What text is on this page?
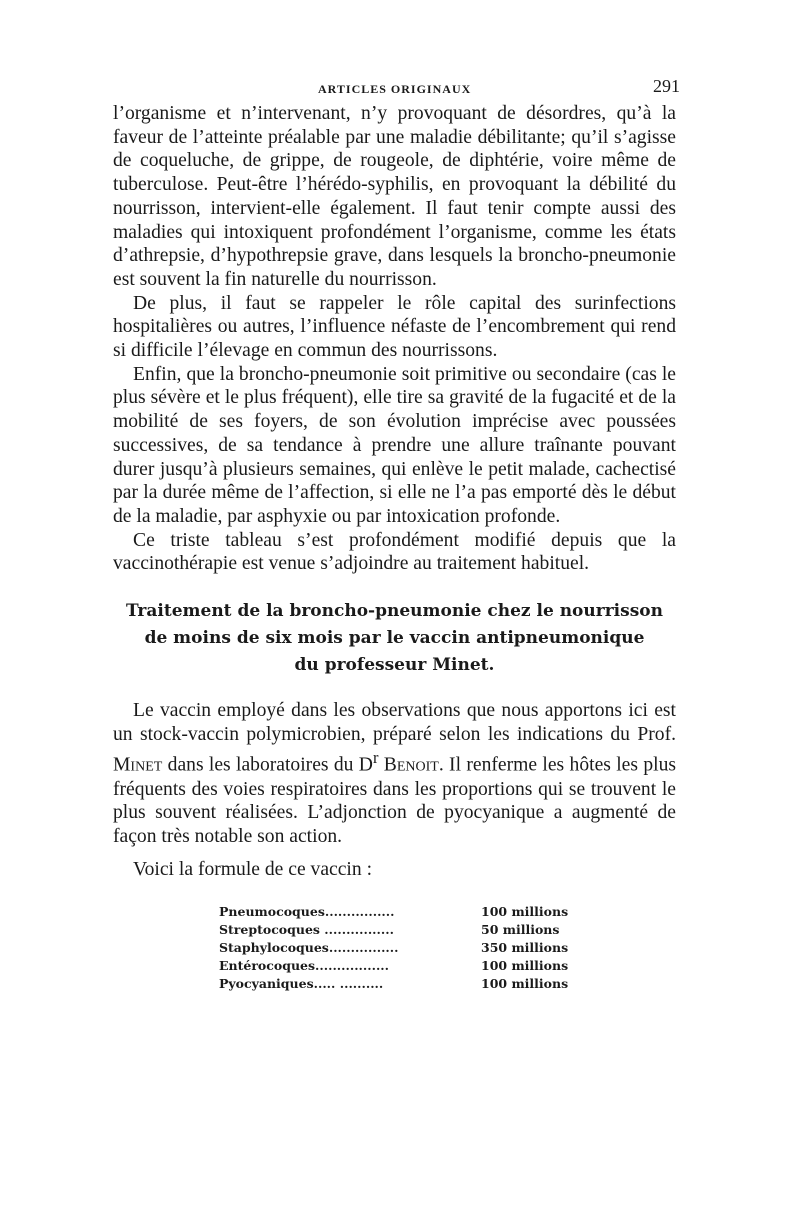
ARTICLES ORIGINAUX	291

l’organisme et n’intervenant, n’y provoquant de désordres, qu’à la faveur de l’atteinte préalable par une maladie débilitante; qu’il s’agisse de coqueluche, de grippe, de rougeole, de diphtérie, voire même de tuberculose. Peut-être l’hérédo-syphilis, en provoquant la débilité du nourrisson, intervient-elle également. Il faut tenir compte aussi des maladies qui intoxiquent profondément l’organisme, comme les états d’athrepsie, d’hypothrepsie grave, dans lesquels la broncho-pneumonie est souvent la fin naturelle du nourrisson.

De plus, il faut se rappeler le rôle capital des surinfections hospitalières ou autres, l’influence néfaste de l’encombrement qui rend si difficile l’élevage en commun des nourrissons.

Enfin, que la broncho-pneumonie soit primitive ou secondaire (cas le plus sévère et le plus fréquent), elle tire sa gravité de la fugacité et de la mobilité de ses foyers, de son évolution imprécise avec poussées successives, de sa tendance à prendre une allure traînante pouvant durer jusqu’à plusieurs semaines, qui enlève le petit malade, cachectisé par la durée même de l’affection, si elle ne l’a pas emporté dès le début de la maladie, par asphyxie ou par intoxication profonde.

Ce triste tableau s’est profondément modifié depuis que la vaccinothérapie est venue s’adjoindre au traitement habituel.

Traitement de la broncho-pneumonie chez le nourrisson
de moins de six mois par le vaccin antipneumonique
du professeur Minet.

Le vaccin employé dans les observations que nous apportons ici est un stock-vaccin polymicrobien, préparé selon les indications du Prof. Minet dans les laboratoires du $D^r$ Benoit. Il renferme les hôtes les plus fréquents des voies respiratoires dans les proportions qui se trouvent le plus souvent réalisées. L’adjonction de pyocyanique a augmenté de façon très notable son action.

Voici la formule de ce vaccin :

Pneumocoques................	100 millions
Streptocoques ................	50 millions
Staphylocoques................	350 millions
Entérocoques.................	100 millions
Pyocyaniques..... ..........	100 millions
